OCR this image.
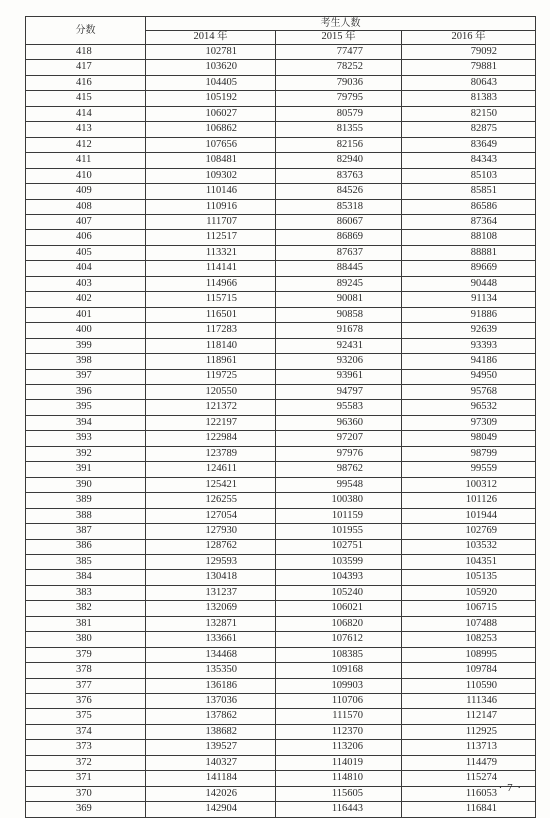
分数	考生人数		
	2014 年	2015 年	2016 年
418	102781	77477	79092
417	103620	78252	79881
416	104405	79036	80643
415	105192	79795	81383
414	106027	80579	82150
413	106862	81355	82875
412	107656	82156	83649
411	108481	82940	84343
410	109302	83763	85103
409	110146	84526	85851
408	110916	85318	86586
407	111707	86067	87364
406	112517	86869	88108
405	113321	87637	88881
404	114141	88445	89669
403	114966	89245	90448
402	115715	90081	91134
401	116501	90858	91886
400	117283	91678	92639
399	118140	92431	93393
398	118961	93206	94186
397	119725	93961	94950
396	120550	94797	95768
395	121372	95583	96532
394	122197	96360	97309
393	122984	97207	98049
392	123789	97976	98799
391	124611	98762	99559
390	125421	99548	100312
389	126255	100380	101126
388	127054	101159	101944
387	127930	101955	102769
386	128762	102751	103532
385	129593	103599	104351
384	130418	104393	105135
383	131237	105240	105920
382	132069	106021	106715
381	132871	106820	107488
380	133661	107612	108253
379	134468	108385	108995
378	135350	109168	109784
377	136186	109903	110590
376	137036	110706	111346
375	137862	111570	112147
374	138682	112370	112925
373	139527	113206	113713
372	140327	114019	114479
371	141184	114810	115274
370	142026	115605	116053
369	142904	116443	116841
· 7 ·
